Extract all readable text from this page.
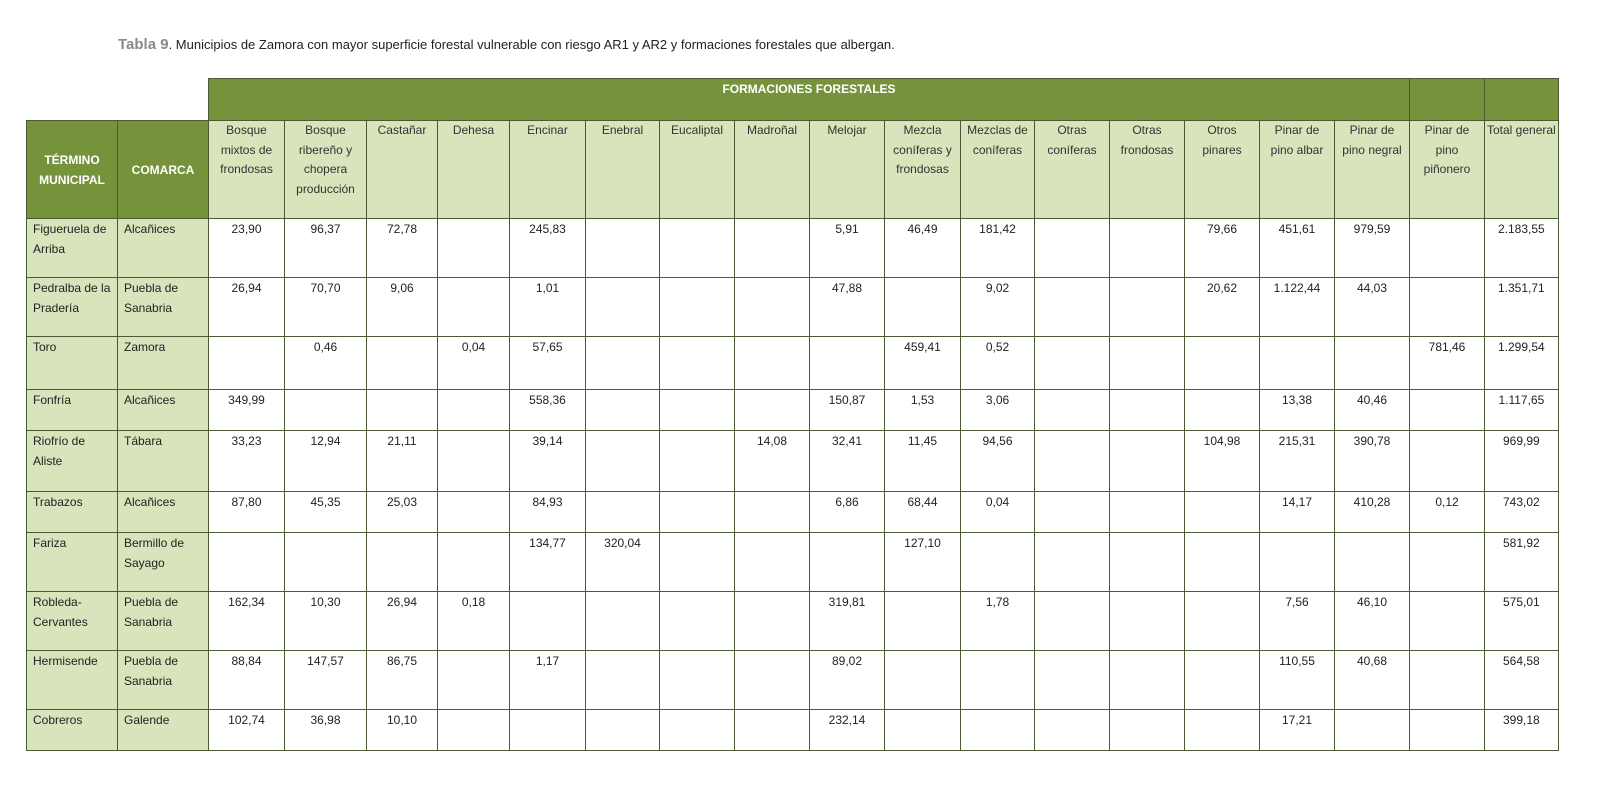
Tabla 9. Municipios de Zamora con mayor superficie forestal vulnerable con riesgo AR1 y AR2 y formaciones forestales que albergan.
		FORMACIONES FORESTALES																	

TÉRMINO MUNICIPAL	COMARCA	Bosque mixtos de frondosas	Bosque ribereño y chopera producción	Castañar	Dehesa	Encinar	Enebral	Eucaliptal	Madroñal	Melojar	Mezcla coníferas y frondosas	Mezclas de coníferas	Otras coníferas	Otras frondosas	Otros pinares	Pinar de pino albar	Pinar de pino negral	Pinar de pino piñonero	Total general

Figueruela de Arriba	Alcañices	23,90	96,37	72,78		245,83				5,91	46,49	181,42			79,66	451,61	979,59		2.183,55
Pedralba de la Pradería	Puebla de Sanabria	26,94	70,70	9,06		1,01				47,88		9,02			20,62	1.122,44	44,03		1.351,71
Toro	Zamora		0,46		0,04	57,65					459,41	0,52						781,46	1.299,54
Fonfría	Alcañices	349,99				558,36				150,87	1,53	3,06				13,38	40,46		1.117,65
Riofrío de Aliste	Tábara	33,23	12,94	21,11		39,14			14,08	32,41	11,45	94,56			104,98	215,31	390,78		969,99
Trabazos	Alcañices	87,80	45,35	25,03		84,93				6,86	68,44	0,04				14,17	410,28	0,12	743,02
Fariza	Bermillo de Sayago					134,77	320,04				127,10								581,92
Robleda-Cervantes	Puebla de Sanabria	162,34	10,30	26,94	0,18					319,81		1,78				7,56	46,10		575,01
Hermisende	Puebla de Sanabria	88,84	147,57	86,75		1,17				89,02						110,55	40,68		564,58
Cobreros	Galende	102,74	36,98	10,10						232,14						17,21			399,18
